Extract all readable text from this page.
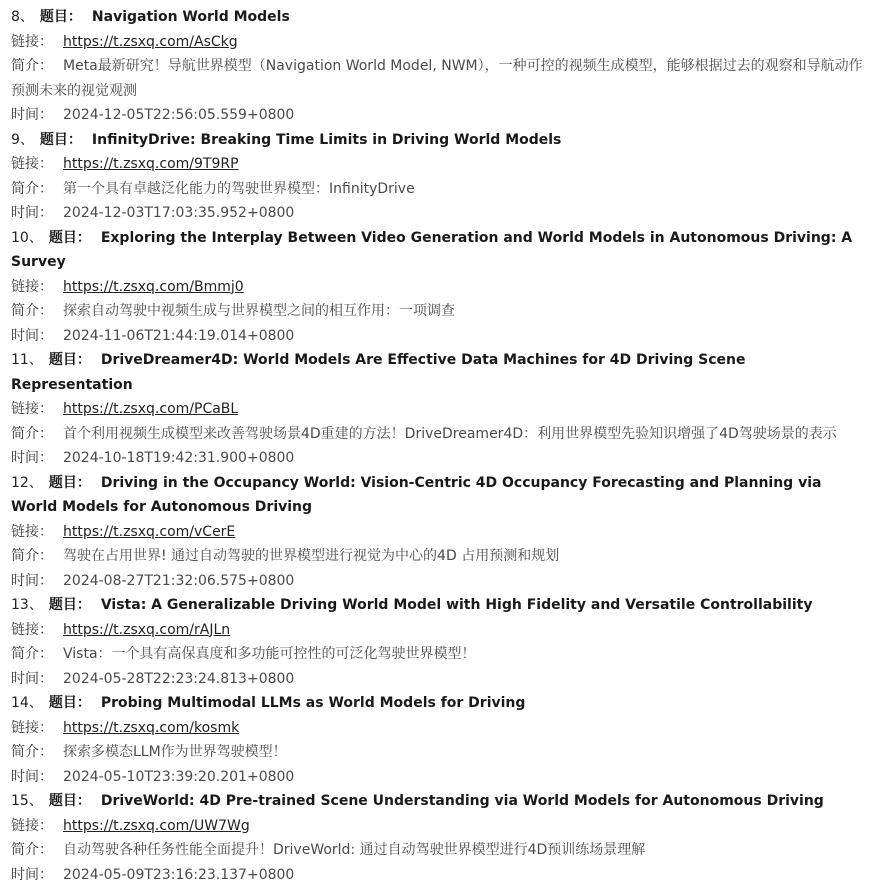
8、 题目： Navigation World Models
链接： https://t.zsxq.com/AsCkg
简介： Meta最新研究！导航世界模型（Navigation World Model, NWM），一种可控的视频生成模型，能够根据过去的观察和导航动作预测未来的视觉观测
时间： 2024-12-05T22:56:05.559+0800
9、 题目： InfinityDrive: Breaking Time Limits in Driving World Models
链接： https://t.zsxq.com/9T9RP
简介： 第一个具有卓越泛化能力的驾驶世界模型：InfinityDrive
时间： 2024-12-03T17:03:35.952+0800
10、 题目： Exploring the Interplay Between Video Generation and World Models in Autonomous Driving: A Survey
链接： https://t.zsxq.com/Bmmj0
简介： 探索自动驾驶中视频生成与世界模型之间的相互作用：一项调查
时间： 2024-11-06T21:44:19.014+0800
11、 题目： DriveDreamer4D: World Models Are Effective Data Machines for 4D Driving Scene Representation
链接： https://t.zsxq.com/PCaBL
简介： 首个利用视频生成模型来改善驾驶场景4D重建的方法！DriveDreamer4D：利用世界模型先验知识增强了4D驾驶场景的表示
时间： 2024-10-18T19:42:31.900+0800
12、 题目： Driving in the Occupancy World: Vision-Centric 4D Occupancy Forecasting and Planning via World Models for Autonomous Driving
链接： https://t.zsxq.com/vCerE
简介： 驾驶在占用世界! 通过自动驾驶的世界模型进行视觉为中心的4D 占用预测和规划
时间： 2024-08-27T21:32:06.575+0800
13、 题目： Vista: A Generalizable Driving World Model with High Fidelity and Versatile Controllability
链接： https://t.zsxq.com/rAJLn
简介： Vista：一个具有高保真度和多功能可控性的可泛化驾驶世界模型！
时间： 2024-05-28T22:23:24.813+0800
14、 题目： Probing Multimodal LLMs as World Models for Driving
链接： https://t.zsxq.com/kosmk
简介： 探索多模态LLM作为世界驾驶模型！
时间： 2024-05-10T23:39:20.201+0800
15、 题目： DriveWorld: 4D Pre-trained Scene Understanding via World Models for Autonomous Driving
链接： https://t.zsxq.com/UW7Wg
简介： 自动驾驶各种任务性能全面提升！DriveWorld: 通过自动驾驶世界模型进行4D预训练场景理解
时间： 2024-05-09T23:16:23.137+0800
